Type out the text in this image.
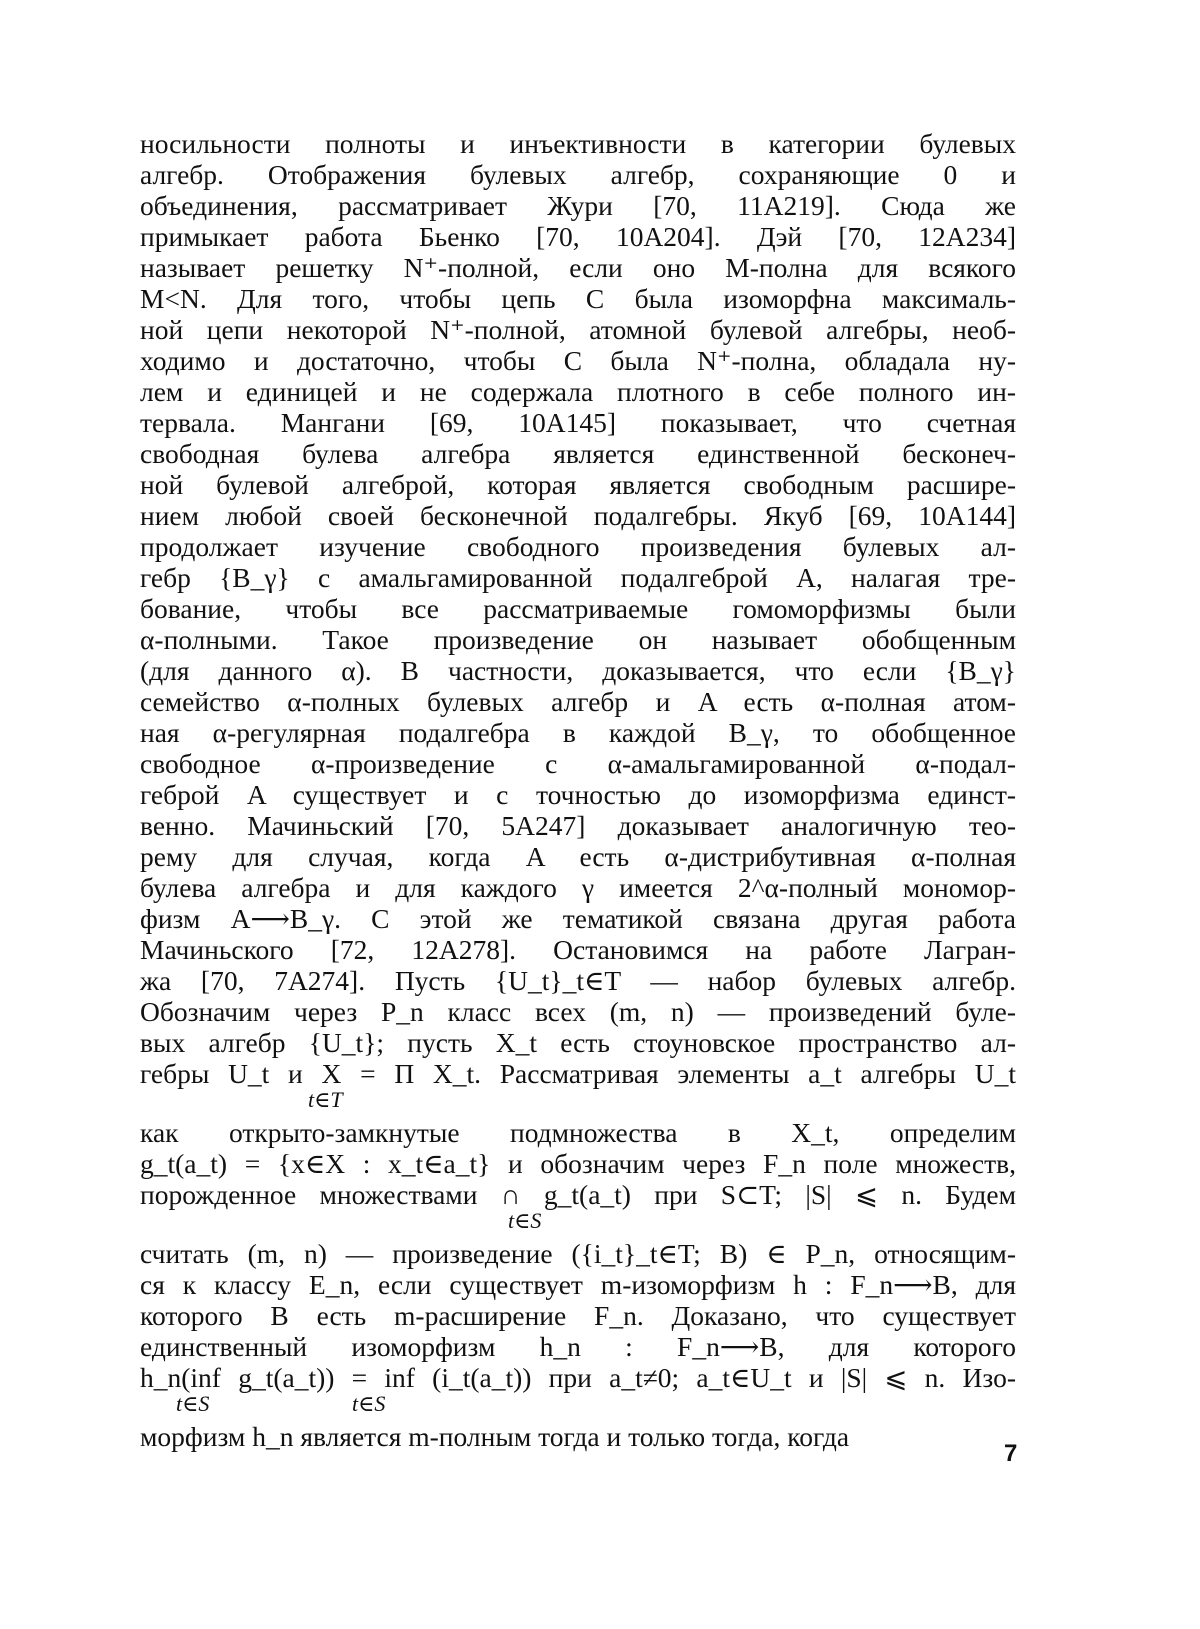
носильности полноты и инъективности в категории булевых
алгебр. Отображения булевых алгебр, сохраняющие 0 и
объединения, рассматривает Жури [70, 11А219]. Сюда же
примыкает работа Бьенко [70, 10А204]. Дэй [70, 12А234]
называет решетку N⁺-полной, если оно M-полна для всякого
M<N. Для того, чтобы цепь C была изоморфна максималь-
ной цепи некоторой N⁺-полной, атомной булевой алгебры, необ-
ходимо и достаточно, чтобы C была N⁺-полна, обладала ну-
лем и единицей и не содержала плотного в себе полного ин-
тервала. Мангани [69, 10А145] показывает, что счетная
свободная булева алгебра является единственной бесконеч-
ной булевой алгеброй, которая является свободным расшире-
нием любой своей бесконечной подалгебры. Якуб [69, 10А144]
продолжает изучение свободного произведения булевых ал-
гебр {B_γ} с амальгамированной подалгеброй A, налагая тре-
бование, чтобы все рассматриваемые гомоморфизмы были
α-полными. Такое произведение он называет обобщенным
(для данного α). В частности, доказывается, что если {B_γ}
семейство α-полных булевых алгебр и A есть α-полная атом-
ная α-регулярная подалгебра в каждой B_γ, то обобщенное
свободное α-произведение с α-амальгамированной α-подал-
геброй A существует и с точностью до изоморфизма единст-
венно. Мачиньский [70, 5А247] доказывает аналогичную тео-
рему для случая, когда A есть α-дистрибутивная α-полная
булева алгебра и для каждого γ имеется 2^α-полный мономор-
физм A⟶B_γ. С этой же тематикой связана другая работа
Мачиньского [72, 12А278]. Остановимся на работе Лагран-
жа [70, 7А274]. Пусть {U_t}_t∈T — набор булевых алгебр.
Обозначим через P_n класс всех (m, n) — произведений буле-
вых алгебр {U_t}; пусть X_t есть стоуновское пространство ал-
гебры U_t и X = Π X_t. Рассматривая элементы a_t алгебры U_t
t∈T
как открыто-замкнутые подмножества в X_t, определим
g_t(a_t) = {x∈X : x_t∈a_t} и обозначим через F_n поле множеств,
порожденное множествами ∩ g_t(a_t) при S⊂T; |S| ⩽ n. Будем
t∈S
считать (m, n) — произведение ({i_t}_t∈T; B) ∈ P_n, относящим-
ся к классу E_n, если существует m-изоморфизм h : F_n⟶B, для
которого B есть m-расширение F_n. Доказано, что существует
единственный изоморфизм h_n : F_n⟶B, для которого
h_n(inf g_t(a_t)) = inf (i_t(a_t)) при a_t≠0; a_t∈U_t и |S| ⩽ n. Изо-
t∈S	t∈S
морфизм h_n является m-полным тогда и только тогда, когда
7
